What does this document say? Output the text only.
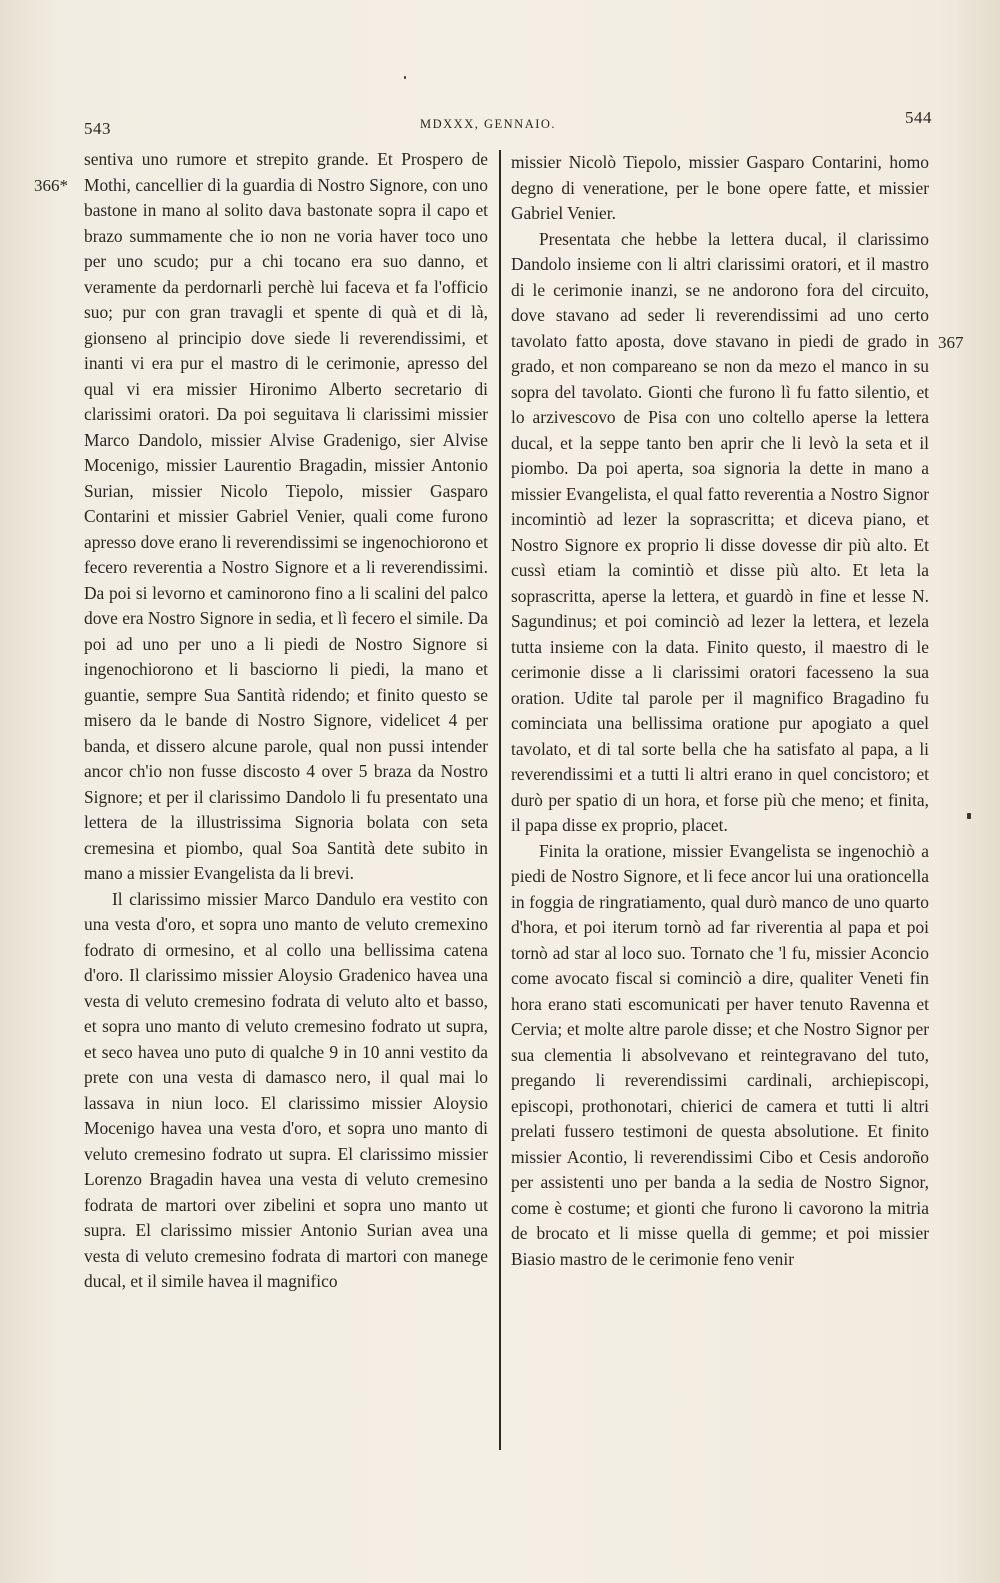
543	MDXXX, GENNAIO.	544
366*
367

sentiva uno rumore et strepito grande. Et Prospero de Mothi, cancellier di la guardia di Nostro Signore, con uno bastone in mano al solito dava bastonate sopra il capo et brazo summamente che io non ne voria haver toco uno per uno scudo; pur a chi tocano era suo danno, et veramente da perdornarli perchè lui faceva et fa l'officio suo; pur con gran travagli et spente di quà et di là, gionseno al principio dove siede li reverendissimi, et inanti vi era pur el mastro di le cerimonie, apresso del qual vi era missier Hironimo Alberto secretario di clarissimi oratori. Da poi seguitava li clarissimi missier Marco Dandolo, missier Alvise Gradenigo, sier Alvise Mocenigo, missier Laurentio Bragadin, missier Antonio Surian, missier Nicolo Tiepolo, missier Gasparo Contarini et missier Gabriel Venier, quali come furono apresso dove erano li reverendissimi se ingenochiorono et fecero reverentia a Nostro Signore et a li reverendissimi. Da poi si levorno et caminorono fino a li scalini del palco dove era Nostro Signore in sedia, et lì fecero el simile. Da poi ad uno per uno a li piedi de Nostro Signore si ingenochiorono et li basciorno li piedi, la mano et guantie, sempre Sua Santità ridendo; et finito questo se misero da le bande di Nostro Signore, videlicet 4 per banda, et dissero alcune parole, qual non pussi intender ancor ch'io non fusse discosto 4 over 5 braza da Nostro Signore; et per il clarissimo Dandolo li fu presentato una lettera de la illustrissima Signoria bolata con seta cremesina et piombo, qual Soa Santità dete subito in mano a missier Evangelista da li brevi.

Il clarissimo missier Marco Dandulo era vestito con una vesta d'oro, et sopra uno manto de veluto cremexino fodrato di ormesino, et al collo una bellissima catena d'oro. Il clarissimo missier Aloysio Gradenico havea una vesta di veluto cremesino fodrata di veluto alto et basso, et sopra uno manto di veluto cremesino fodrato ut supra, et seco havea uno puto di qualche 9 in 10 anni vestito da prete con una vesta di damasco nero, il qual mai lo lassava in niun loco. El clarissimo missier Aloysio Mocenigo havea una vesta d'oro, et sopra uno manto di veluto cremesino fodrato ut supra. El clarissimo missier Lorenzo Bragadin havea una vesta di veluto cremesino fodrata de martori over zibelini et sopra uno manto ut supra. El clarissimo missier Antonio Surian avea una vesta di veluto cremesino fodrata di martori con manege ducal, et il simile havea il magnifico

missier Nicolò Tiepolo, missier Gasparo Contarini, homo degno di veneratione, per le bone opere fatte, et missier Gabriel Venier.

Presentata che hebbe la lettera ducal, il clarissimo Dandolo insieme con li altri clarissimi oratori, et il mastro di le cerimonie inanzi, se ne andorono fora del circuito, dove stavano ad seder li reverendissimi ad uno certo tavolato fatto aposta, dove stavano in piedi de grado in grado, et non compareano se non da mezo el manco in su sopra del tavolato. Gionti che furono lì fu fatto silentio, et lo arzivescovo de Pisa con uno coltello aperse la lettera ducal, et la seppe tanto ben aprir che li levò la seta et il piombo. Da poi aperta, soa signoria la dette in mano a missier Evangelista, el qual fatto reverentia a Nostro Signor incomintiò ad lezer la soprascritta; et diceva piano, et Nostro Signore ex proprio li disse dovesse dir più alto. Et cussì etiam la comintiò et disse più alto. Et leta la soprascritta, aperse la lettera, et guardò in fine et lesse N. Sagundinus; et poi cominciò ad lezer la lettera, et lezela tutta insieme con la data. Finito questo, il maestro di le cerimonie disse a li clarissimi oratori facesseno la sua oration. Udite tal parole per il magnifico Bragadino fu cominciata una bellissima oratione pur apogiato a quel tavolato, et di tal sorte bella che ha satisfato al papa, a li reverendissimi et a tutti li altri erano in quel concistoro; et durò per spatio di un hora, et forse più che meno; et finita, il papa disse ex proprio, placet.

Finita la oratione, missier Evangelista se ingenochiò a piedi de Nostro Signore, et li fece ancor lui una orationcella in foggia de ringratiamento, qual durò manco de uno quarto d'hora, et poi iterum tornò ad far riverentia al papa et poi tornò ad star al loco suo. Tornato che 'l fu, missier Aconcio come avocato fiscal si cominciò a dire, qualiter Veneti fin hora erano stati escomunicati per haver tenuto Ravenna et Cervia; et molte altre parole disse; et che Nostro Signor per sua clementia li absolvevano et reintegravano del tuto, pregando li reverendissimi cardinali, archiepiscopi, episcopi, prothonotari, chierici de camera et tutti li altri prelati fussero testimoni de questa absolutione. Et finito missier Acontio, li reverendissimi Cibo et Cesis andoroño per assistenti uno per banda a la sedia de Nostro Signor, come è costume; et gionti che furono li cavorono la mitria de brocato et li misse quella di gemme; et poi missier Biasio mastro de le cerimonie feno venir
